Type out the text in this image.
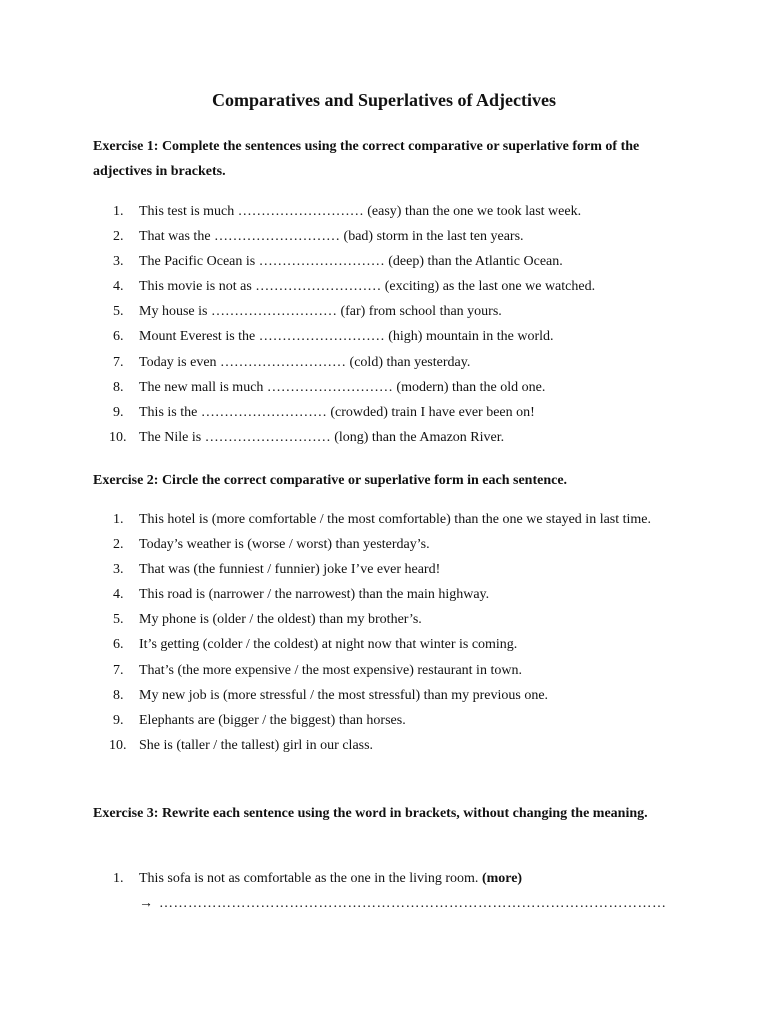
Comparatives and Superlatives of Adjectives
Exercise 1: Complete the sentences using the correct comparative or superlative form of the adjectives in brackets.
1.	This test is much ……………………… (easy) than the one we took last week.
2.	That was the ……………………… (bad) storm in the last ten years.
3.	The Pacific Ocean is ……………………… (deep) than the Atlantic Ocean.
4.	This movie is not as ……………………… (exciting) as the last one we watched.
5.	My house is ……………………… (far) from school than yours.
6.	Mount Everest is the ……………………… (high) mountain in the world.
7.	Today is even ……………………… (cold) than yesterday.
8.	The new mall is much ……………………… (modern) than the old one.
9.	This is the ……………………… (crowded) train I have ever been on!
10. The Nile is ……………………… (long) than the Amazon River.
Exercise 2: Circle the correct comparative or superlative form in each sentence.
1.	This hotel is (more comfortable / the most comfortable) than the one we stayed in last time.
2.	Today’s weather is (worse / worst) than yesterday’s.
3.	That was (the funniest / funnier) joke I’ve ever heard!
4.	This road is (narrower / the narrowest) than the main highway.
5.	My phone is (older / the oldest) than my brother’s.
6.	It’s getting (colder / the coldest) at night now that winter is coming.
7.	That’s (the more expensive / the most expensive) restaurant in town.
8.	My new job is (more stressful / the most stressful) than my previous one.
9.	Elephants are (bigger / the biggest) than horses.
10. She is (taller / the tallest) girl in our class.
Exercise 3: Rewrite each sentence using the word in brackets, without changing the meaning.
1.	This sofa is not as comfortable as the one in the living room. (more)
→ ……………………………………………………………………………………………
